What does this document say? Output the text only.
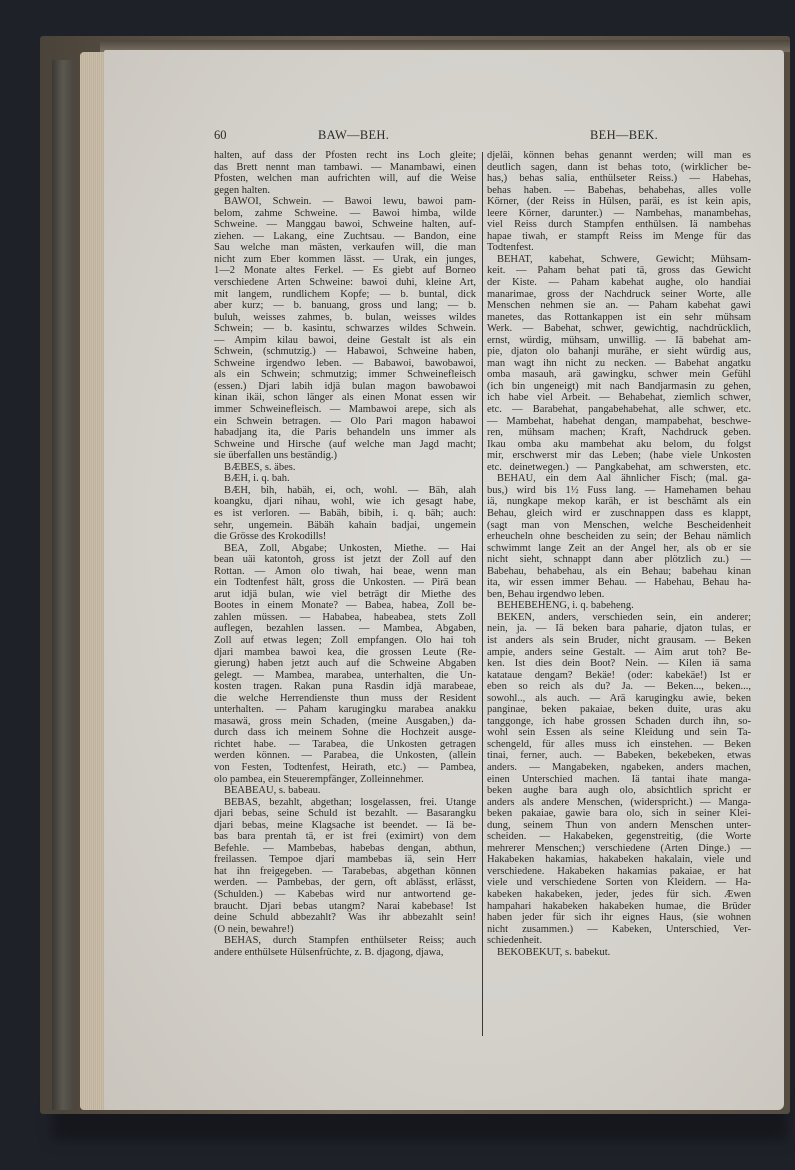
60	BAW—BEH.	BEH—BEK.
halten, auf dass der Pfosten recht ins Loch gleite;
das Brett nennt man tambawi. — Manambawi, einen
Pfosten, welchen man aufrichten will, auf die Weise
gegen halten.
BAWOI, Schwein. — Bawoi lewu, bawoi pam-
belom, zahme Schweine. — Bawoi himba, wilde
Schweine. — Manggau bawoi, Schweine halten, auf-
ziehen. — Lakang, eine Zuchtsau. — Bandon, eine
Sau welche man mästen, verkaufen will, die man
nicht zum Eber kommen lässt. — Urak, ein junges,
1—2 Monate altes Ferkel. — Es giebt auf Borneo
verschiedene Arten Schweine: bawoi duhi, kleine Art,
mit langem, rundlichem Kopfe; — b. buntal, dick
aber kurz; — b. banuang, gross und lang; — b.
buluh, weisses zahmes, b. bulan, weisses wildes
Schwein; — b. kasintu, schwarzes wildes Schwein.
— Ampim kilau bawoi, deine Gestalt ist als ein
Schwein, (schmutzig.) — Habawoi, Schweine haben,
Schweine irgendwo leben. — Babawoi, bawobawoi,
als ein Schwein; schmutzig; immer Schweinefleisch
(essen.) Djari labih idjä bulan magon bawobawoi
kinan ikäi, schon länger als einen Monat essen wir
immer Schweinefleisch. — Mambawoi arepe, sich als
ein Schwein betragen. — Olo Pari magon habawoi
habadjang ita, die Paris behandeln uns immer als
Schweine und Hirsche (auf welche man Jagd macht;
sie überfallen uns beständig.)
BÆBES, s. äbes.
BÆH, i. q. bah.
BÆH, bih, habäh, ei, och, wohl. — Bäh, alah
koangku, djari nihau, wohl, wie ich gesagt habe,
es ist verloren. — Babäh, bibih, i. q. bäh; auch:
sehr, ungemein. Bäbäh kahain badjai, ungemein
die Grösse des Krokodills!
BEA, Zoll, Abgabe; Unkosten, Miethe. — Hai
bean uäi katontoh, gross ist jetzt der Zoll auf den
Rottan. — Amon olo tiwah, hai beae, wenn man
ein Todtenfest hält, gross die Unkosten. — Pirä bean
arut idjä bulan, wie viel beträgt dir Miethe des
Bootes in einem Monate? — Babea, habea, Zoll be-
zahlen müssen. — Hababea, habeabea, stets Zoll
auflegen, bezahlen lassen. — Mambea, Abgaben,
Zoll auf etwas legen; Zoll empfangen. Olo hai toh
djari mambea bawoi kea, die grossen Leute (Re-
gierung) haben jetzt auch auf die Schweine Abgaben
gelegt. — Mambea, marabea, unterhalten, die Un-
kosten tragen. Rakan puna Rasdin idjä marabeae,
die welche Herrendienste thun muss der Resident
unterhalten. — Paham karugingku marabea anakku
masawä, gross mein Schaden, (meine Ausgaben,) da-
durch dass ich meinem Sohne die Hochzeit ausge-
richtet habe. — Tarabea, die Unkosten getragen
werden können. — Parabea, die Unkosten, (allein
von Festen, Todtenfest, Heirath, etc.) — Pambea,
olo pambea, ein Steuerempfänger, Zolleinnehmer.
BEABEAU, s. babeau.
BEBAS, bezahlt, abgethan; losgelassen, frei. Utange
djari bebas, seine Schuld ist bezahlt. — Basarangku
djari bebas, meine Klagsache ist beendet. — Iä be-
bas bara prentah tä, er ist frei (eximirt) von dem
Befehle. — Mambebas, habebas dengan, abthun,
freilassen. Tempoe djari mambebas iä, sein Herr
hat ihn freigegeben. — Tarabebas, abgethan können
werden. — Pambebas, der gern, oft ablässt, erlässt,
(Schulden.) — Kabebas wird nur antwortend ge-
braucht. Djari bebas utangm? Narai kabebase! Ist
deine Schuld abbezahlt? Was ihr abbezahlt sein!
(O nein, bewahre!)
BEHAS, durch Stampfen enthülseter Reiss; auch
andere enthülsete Hülsenfrüchte, z. B. djagong, djawa,
djeläi, können behas genannt werden; will man es
deutlich sagen, dann ist behas toto, (wirklicher be-
has,) behas salia, enthülseter Reiss.) — Habehas,
behas haben. — Babehas, behabehas, alles volle
Körner, (der Reiss in Hülsen, paräi, es ist kein apis,
leere Körner, darunter.) — Nambehas, manambehas,
viel Reiss durch Stampfen enthülsen. Iä nambehas
hapae tiwah, er stampft Reiss im Menge für das
Todtenfest.
BEHAT, kabehat, Schwere, Gewicht; Mühsam-
keit. — Paham behat pati tä, gross das Gewicht
der Kiste. — Paham kabehat aughe, olo handiai
manarimae, gross der Nachdruck seiner Worte, alle
Menschen nehmen sie an. — Paham kabehat gawi
manetes, das Rottankappen ist ein sehr mühsam
Werk. — Babehat, schwer, gewichtig, nachdrücklich,
ernst, würdig, mühsam, unwillig. — Iä babehat am-
pie, djaton olo bahanji murähe, er sieht würdig aus,
man wagt ihn nicht zu necken. — Babehat angatku
omba masauh, arä gawingku, schwer mein Gefühl
(ich bin ungeneigt) mit nach Bandjarmasin zu gehen,
ich habe viel Arbeit. — Behabehat, ziemlich schwer,
etc. — Barabehat, pangabehabehat, alle schwer, etc.
— Mambehat, habehat dengan, mampabehat, beschwe-
ren, mühsam machen; Kraft, Nachdruck geben.
Ikau omba aku mambehat aku belom, du folgst
mir, erschwerst mir das Leben; (habe viele Unkosten
etc. deinetwegen.) — Pangkabehat, am schwersten, etc.
BEHAU, ein dem Aal ähnlicher Fisch; (mal. ga-
bus,) wird bis 1½ Fuss lang. — Hamehamen behau
iä, nungkape mekop karäh, er ist beschämt als ein
Behau, gleich wird er zuschnappen dass es klappt,
(sagt man von Menschen, welche Bescheidenheit
erheucheln ohne bescheiden zu sein; der Behau nämlich
schwimmt lange Zeit an der Angel her, als ob er sie
nicht sieht, schnappt dann aber plötzlich zu.) —
Babehau, behabehau, als ein Behau; babehau kinan
ita, wir essen immer Behau. — Habehau, Behau ha-
ben, Behau irgendwo leben.
BEHEBEHENG, i. q. babeheng.
BEKEN, anders, verschieden sein, ein anderer;
nein, ja. — Iä beken bara paharie, djaton tulas, er
ist anders als sein Bruder, nicht grausam. — Beken
ampie, anders seine Gestalt. — Aim arut toh? Be-
ken. Ist dies dein Boot? Nein. — Kilen iä sama
katataue dengam? Bekäe! (oder: kabekäe!) Ist er
eben so reich als du? Ja. — Beken..., beken...,
sowohl.., als auch. — Arä karugingku awie, beken
panginae, beken pakaiae, beken duite, uras aku
tanggonge, ich habe grossen Schaden durch ihn, so-
wohl sein Essen als seine Kleidung und sein Ta-
schengeld, für alles muss ich einstehen. — Beken
tinai, ferner, auch. — Babeken, bekebeken, etwas
anders. — Mangabeken, ngabeken, anders machen,
einen Unterschied machen. Iä tantai ihate manga-
beken aughe bara augh olo, absichtlich spricht er
anders als andere Menschen, (widerspricht.) — Manga-
beken pakaiae, gawie bara olo, sich in seiner Klei-
dung, seinem Thun von andern Menschen unter-
scheiden. — Hakabeken, gegenstreitig, (die Worte
mehrerer Menschen;) verschiedene (Arten Dinge.) —
Hakabeken hakamias, hakabeken hakalain, viele und
verschiedene. Hakabeken hakamias pakaiae, er hat
viele und verschiedene Sorten von Kleidern. — Ha-
kabeken hakabeken, jeder, jedes für sich. Æwen
hampahari hakabeken hakabeken humae, die Brüder
haben jeder für sich ihr eignes Haus, (sie wohnen
nicht zusammen.) — Kabeken, Unterschied, Ver-
schiedenheit.
BEKOBEKUT, s. babekut.
